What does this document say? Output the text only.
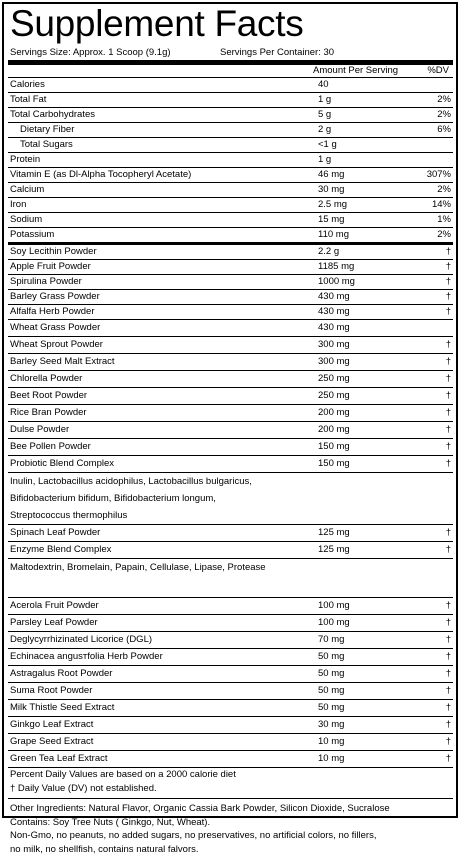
Supplement Facts
Servings Size: Approx. 1 Scoop (9.1g)	Servings Per Container: 30
Amount Per Serving	%DV
Calories	40
Total Fat	1 g	2%
Total Carbohydrates	5 g	2%
Dietary Fiber	2 g	6%
Total Sugars	<1 g
Protein	1 g
Vitamin E (as Dl-Alpha Tocopheryl Acetate)	46 mg	307%
Calcium	30 mg	2%
Iron	2.5 mg	14%
Sodium	15 mg	1%
Potassium	110 mg	2%
Soy Lecithin Powder	2.2 g	†
Apple Fruit Powder	1185 mg	†
Spirulina Powder	1000 mg	†
Barley Grass Powder	430 mg	†
Alfalfa Herb Powder	430 mg	†
Wheat Grass Powder	430 mg
Wheat Sprout Powder	300 mg	†
Barley Seed Malt Extract	300 mg	†
Chlorella Powder	250 mg	†
Beet Root Powder	250 mg	†
Rice Bran Powder	200 mg	†
Dulse Powder	200 mg	†
Bee Pollen Powder	150 mg	†
Probiotic Blend Complex	150 mg	†
Inulin, Lactobacillus acidophilus, Lactobacillus bulgaricus,
Bifidobacterium bifidum, Bifidobacterium longum,
Streptococcus thermophilus
Spinach Leaf Powder	125 mg	†
Enzyme Blend Complex	125 mg	†
Maltodextrin, Bromelain, Papain, Cellulase, Lipase, Protease
Acerola Fruit Powder	100 mg	†
Parsley Leaf Powder	100 mg	†
Deglycyrrhizinated Licorice (DGL)	70 mg	†
Echinacea angusтfolia Herb Powder	50 mg	†
Astragalus Root Powder	50 mg	†
Suma Root Powder	50 mg	†
Milk Thistle Seed Extract	50 mg	†
Ginkgo Leaf Extract	30 mg	†
Grape Seed Extract	10 mg	†
Green Tea Leaf Extract	10 mg	†
Percent Daily Values are based on a 2000 calorie diet
† Daily Value (DV) not established.
Other Ingredients: Natural Flavor, Organic Cassia Bark Powder, Silicon Dioxide, Sucralose
Contains: Soy Tree Nuts ( Ginkgo, Nut, Wheat).
Non-Gmo, no peanuts, no added sugars, no preservatives, no artificial colors, no fillers,
no milk, no shellfish, contains natural falvors.
